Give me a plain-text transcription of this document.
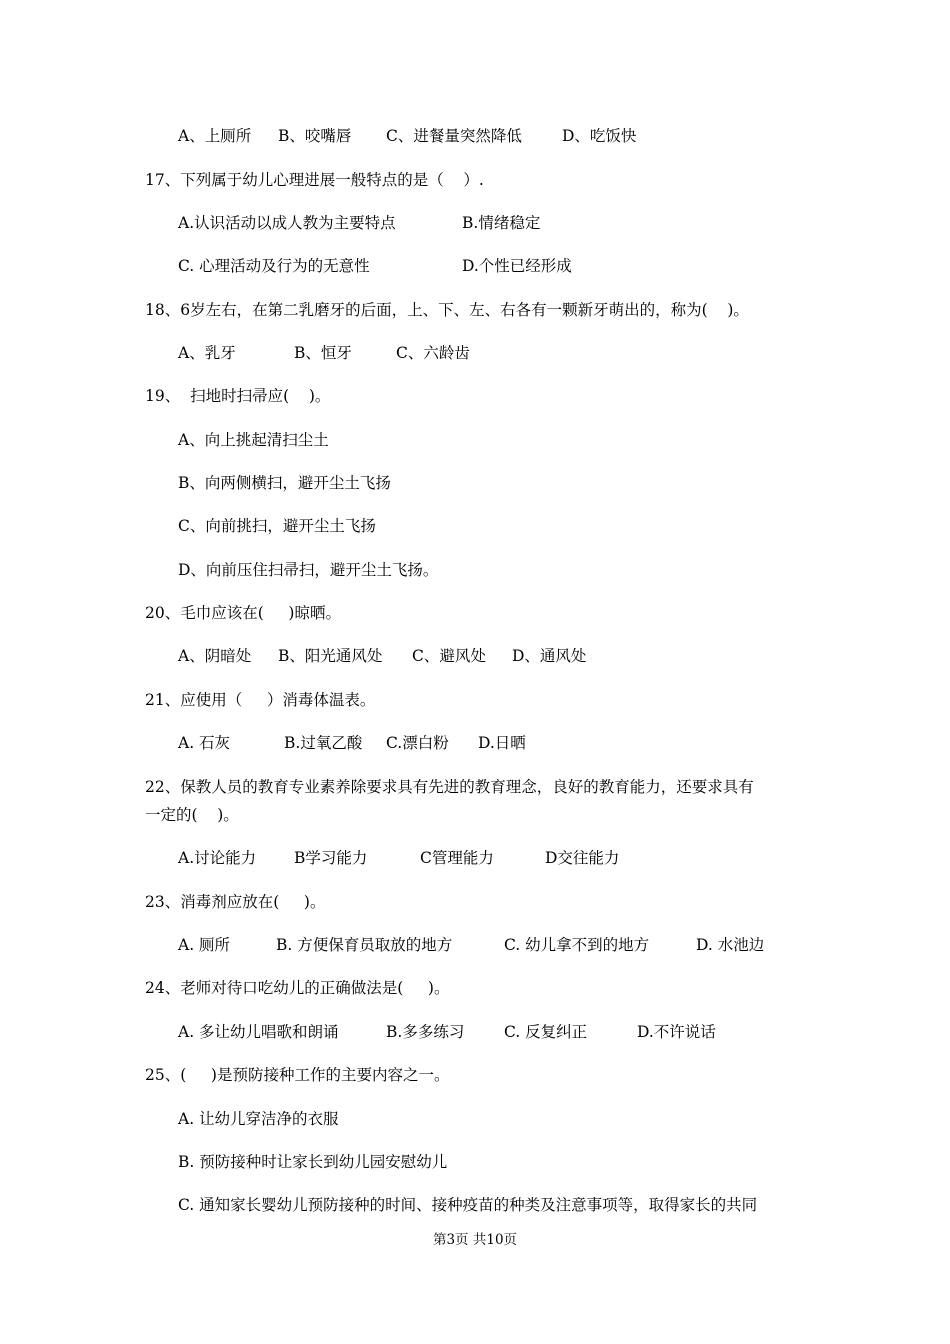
A、上厕所 B、咬嘴唇 C、进餐量突然降低	D、吃饭快
17、下列属于幼儿心理进展一般特点的是（    ）.
A.认识活动以成人教为主要特点	B.情绪稳定
C. 心理活动及行为的无意性	D.个性已经形成
18、6岁左右，在第二乳磨牙的后面，上、下、左、右各有一颗新牙萌出的，称为(    )。
A、乳牙	B、恒牙	C、六龄齿
19、  扫地时扫帚应(    )。
A、向上挑起清扫尘土
B、向两侧横扫，避开尘土飞扬
C、向前挑扫，避开尘土飞扬
D、向前压住扫帚扫，避开尘土飞扬。
20、毛巾应该在(     )晾晒。
A、阴暗处 B、阳光通风处 C、避风处 D、通风处
21、应使用（     ）消毒体温表。
A. 石灰	B.过氧乙酸 C.漂白粉 D.日晒
22、保教人员的教育专业素养除要求具有先进的教育理念，良好的教育能力，还要求具有
一定的(    )。
A.讨论能力 B学习能力	C管理能力	D交往能力
23、消毒剂应放在(     )。
A. 厕所	B. 方便保育员取放的地方	C. 幼儿拿不到的地方	D. 水池边
24、老师对待口吃幼儿的正确做法是(     )。
A. 多让幼儿唱歌和朗诵	B.多多练习	C. 反复纠正	D.不许说话
25、(     )是预防接种工作的主要内容之一。
A. 让幼儿穿洁净的衣服
B. 预防接种时让家长到幼儿园安慰幼儿
C. 通知家长婴幼儿预防接种的时间、接种疫苗的种类及注意事项等，取得家长的共同
第3页 共10页
